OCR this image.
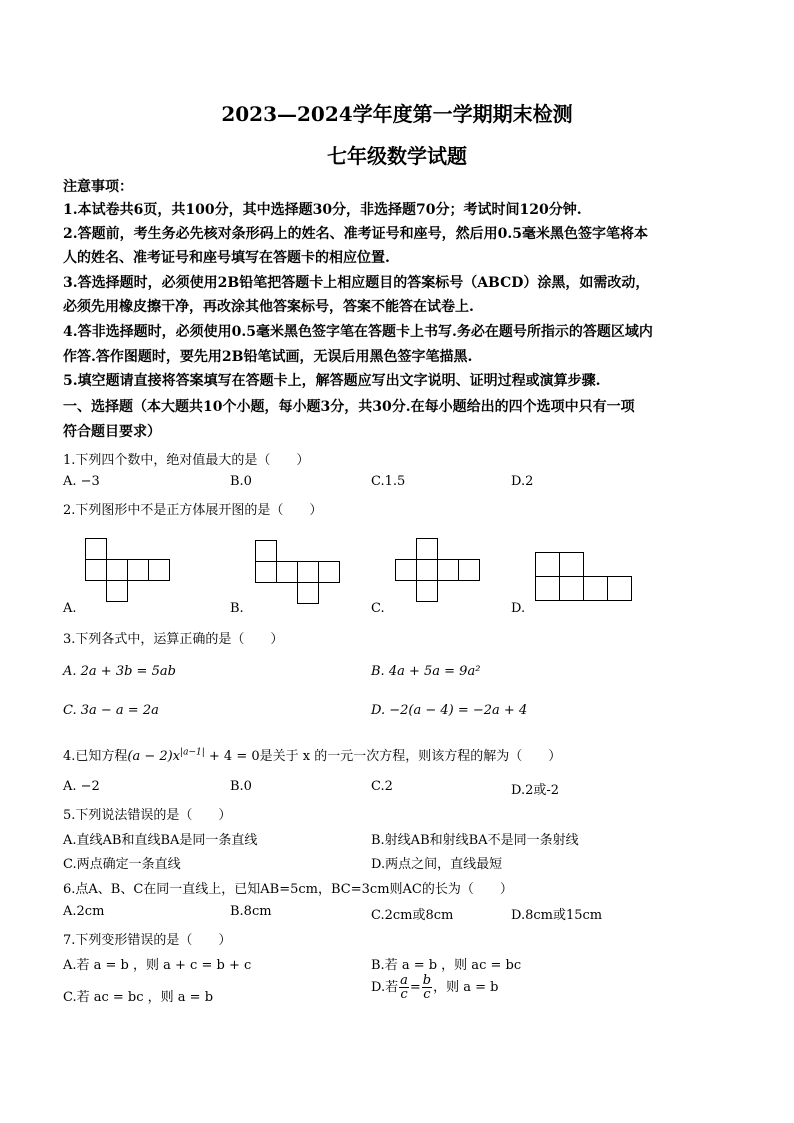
2023—2024学年度第一学期期末检测
七年级数学试题
注意事项：
1.本试卷共6页，共100分，其中选择题30分，非选择题70分；考试时间120分钟.
2.答题前，考生务必先核对条形码上的姓名、准考证号和座号，然后用0.5毫米黑色签字笔将本
人的姓名、准考证号和座号填写在答题卡的相应位置.
3.答选择题时，必须使用2B铅笔把答题卡上相应题目的答案标号（ABCD）涂黑，如需改动，
必须先用橡皮擦干净，再改涂其他答案标号，答案不能答在试卷上.
4.答非选择题时，必须使用0.5毫米黑色签字笔在答题卡上书写.务必在题号所指示的答题区域内
作答.答作图题时，要先用2B铅笔试画，无误后用黑色签字笔描黑.
5.填空题请直接将答案填写在答题卡上，解答题应写出文字说明、证明过程或演算步骤.
一、选择题（本大题共10个小题，每小题3分，共30分.在每小题给出的四个选项中只有一项
符合题目要求）
1.下列四个数中，绝对值最大的是（　　）
A. −3	B.0	C.1.5	D.2
2.下列图形中不是正方体展开图的是（　　）
A.	B.	C.	D.
3.下列各式中，运算正确的是（　　）
A. 2a + 3b = 5ab	B. 4a + 5a = 9a²
C. 3a − a = 2a	D. −2(a − 4) = −2a + 4
4.已知方程$(a - 2)x^{|a-1|} + 4 = 0$是关于 x 的一元一次方程，则该方程的解为（　　）
A. −2	B.0	C.2	D.2或-2
5.下列说法错误的是（　　）
A.直线AB和直线BA是同一条直线	B.射线AB和射线BA不是同一条射线
C.两点确定一条直线	D.两点之间，直线最短
6.点A、B、C在同一直线上，已知AB=5cm，BC=3cm则AC的长为（　　）
A.2cm	B.8cm	C.2cm或8cm	D.8cm或15cm
7.下列变形错误的是（　　）
A.若 a = b ，则 a + c = b + c	B.若 a = b ，则 ac = bc
C.若 ac = bc ，则 a = b
D.若 $\frac{a}{c} = \frac{b}{c}$ ，则 a = b
